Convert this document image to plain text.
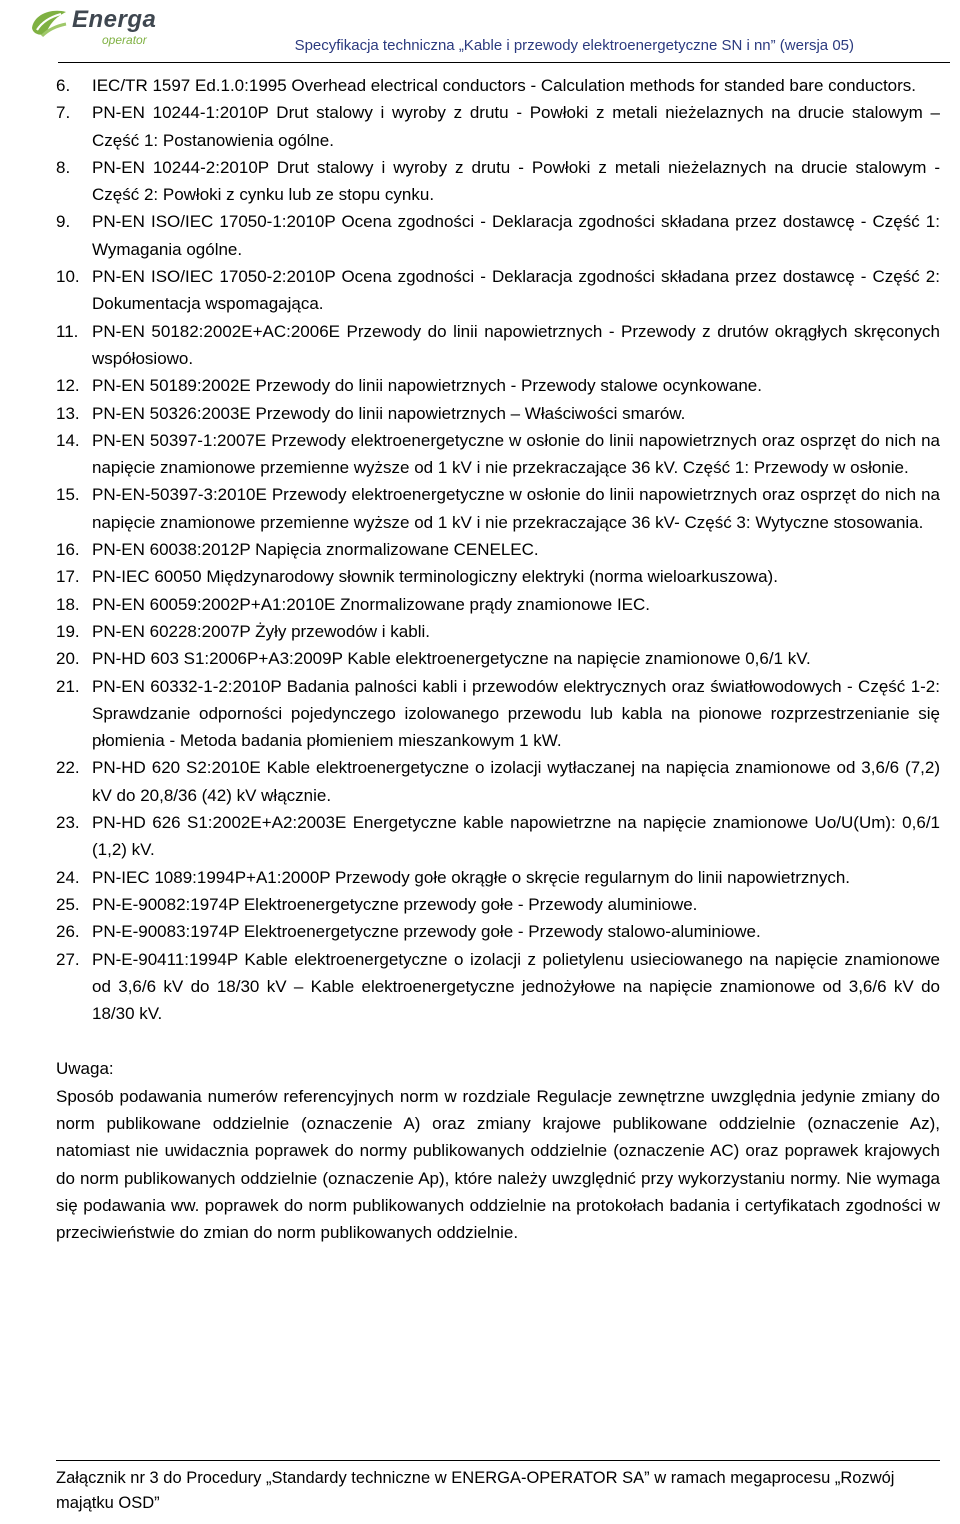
Energa
operator	Specyfikacja techniczna „Kable i przewody elektroenergetyczne SN i nn” (wersja 05)
6. IEC/TR 1597 Ed.1.0:1995 Overhead electrical conductors - Calculation methods for standed bare conductors.
7. PN-EN 10244-1:2010P Drut stalowy i wyroby z drutu - Powłoki z metali nieżelaznych na drucie stalowym – Część 1: Postanowienia ogólne.
8. PN-EN 10244-2:2010P Drut stalowy i wyroby z drutu - Powłoki z metali nieżelaznych na drucie stalowym - Część 2: Powłoki z cynku lub ze stopu cynku.
9. PN-EN ISO/IEC 17050-1:2010P Ocena zgodności - Deklaracja zgodności składana przez dostawcę - Część 1: Wymagania ogólne.
10. PN-EN ISO/IEC 17050-2:2010P Ocena zgodności - Deklaracja zgodności składana przez dostawcę - Część 2: Dokumentacja wspomagająca.
11. PN-EN 50182:2002E+AC:2006E Przewody do linii napowietrznych - Przewody z drutów okrągłych skręconych współosiowo.
12. PN-EN 50189:2002E Przewody do linii napowietrznych - Przewody stalowe ocynkowane.
13. PN-EN 50326:2003E Przewody do linii napowietrznych – Właściwości smarów.
14. PN-EN 50397-1:2007E Przewody elektroenergetyczne w osłonie do linii napowietrznych oraz osprzęt do nich na napięcie znamionowe przemienne wyższe od 1 kV i nie przekraczające 36 kV. Część 1: Przewody w osłonie.
15. PN-EN-50397-3:2010E Przewody elektroenergetyczne w osłonie do linii napowietrznych oraz osprzęt do nich na napięcie znamionowe przemienne wyższe od 1 kV i nie przekraczające 36 kV- Część 3: Wytyczne stosowania.
16. PN-EN 60038:2012P Napięcia znormalizowane CENELEC.
17. PN-IEC 60050 Międzynarodowy słownik terminologiczny elektryki (norma wieloarkuszowa).
18. PN-EN 60059:2002P+A1:2010E Znormalizowane prądy znamionowe IEC.
19. PN-EN 60228:2007P Żyły przewodów i kabli.
20. PN-HD 603 S1:2006P+A3:2009P Kable elektroenergetyczne na napięcie znamionowe 0,6/1 kV.
21. PN-EN 60332-1-2:2010P Badania palności kabli i przewodów elektrycznych oraz światłowodowych - Część 1-2: Sprawdzanie odporności pojedynczego izolowanego przewodu lub kabla na pionowe rozprzestrzenianie się płomienia - Metoda badania płomieniem mieszankowym 1 kW.
22. PN-HD 620 S2:2010E Kable elektroenergetyczne o izolacji wytłaczanej na napięcia znamionowe od 3,6/6 (7,2) kV do 20,8/36 (42) kV włącznie.
23. PN-HD 626 S1:2002E+A2:2003E Energetyczne kable napowietrzne na napięcie znamionowe Uo/U(Um): 0,6/1 (1,2) kV.
24. PN-IEC 1089:1994P+A1:2000P Przewody gołe okrągłe o skręcie regularnym do linii napowietrznych.
25. PN-E-90082:1974P Elektroenergetyczne przewody gołe - Przewody aluminiowe.
26. PN-E-90083:1974P Elektroenergetyczne przewody gołe - Przewody stalowo-aluminiowe.
27. PN-E-90411:1994P Kable elektroenergetyczne o izolacji z polietylenu usieciowanego na napięcie znamionowe od 3,6/6 kV do 18/30 kV – Kable elektroenergetyczne jednożyłowe na napięcie znamionowe od 3,6/6 kV do 18/30 kV.
Uwaga:
Sposób podawania numerów referencyjnych norm w rozdziale Regulacje zewnętrzne uwzględnia jedynie zmiany do norm publikowane oddzielnie (oznaczenie A) oraz zmiany krajowe publikowane oddzielnie (oznaczenie Az), natomiast nie uwidacznia poprawek do normy publikowanych oddzielnie (oznaczenie AC) oraz poprawek krajowych do norm publikowanych oddzielnie (oznaczenie Ap), które należy uwzględnić przy wykorzystaniu normy. Nie wymaga się podawania ww. poprawek do norm publikowanych oddzielnie na protokołach badania i certyfikatach zgodności w przeciwieństwie do zmian do norm publikowanych oddzielnie.
Załącznik nr 3 do Procedury „Standardy techniczne w ENERGA-OPERATOR SA” w ramach megaprocesu „Rozwój majątku OSD”
